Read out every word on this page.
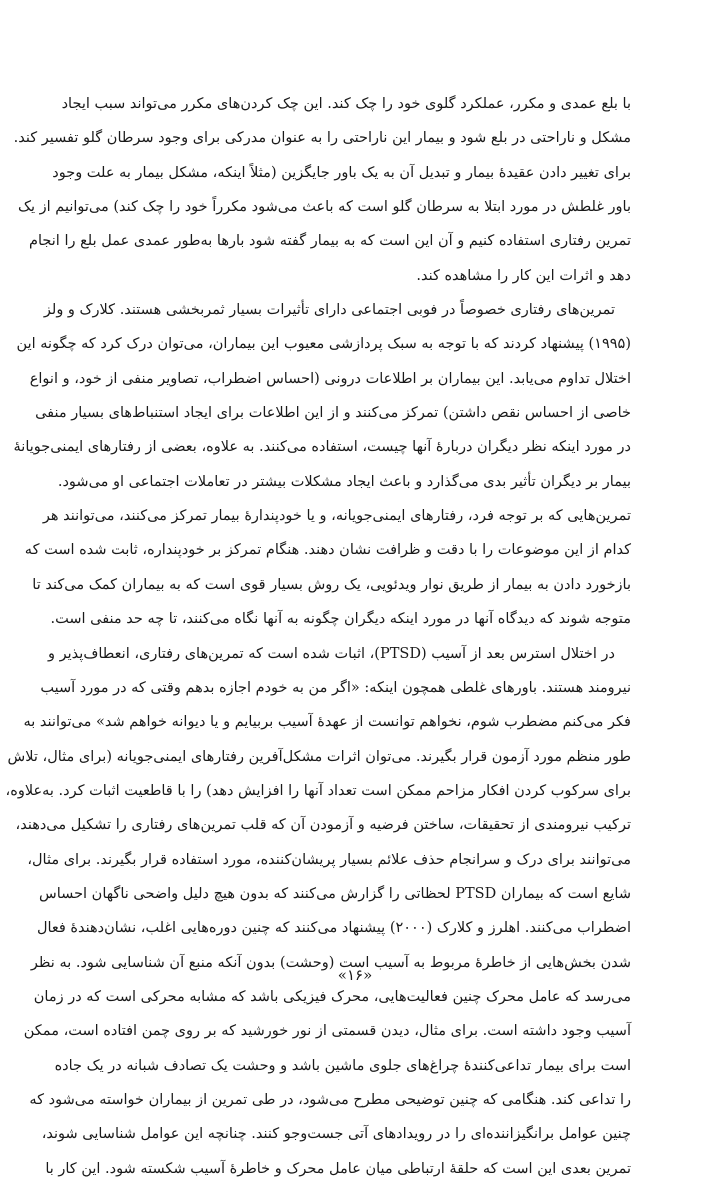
با بلع عمدی و مکرر، عملکرد گلوی خود را چک کند. این چک کردن‌های مکرر می‌تواند سبب ایجاد
مشکل و ناراحتی در بلع شود و بیمار این ناراحتی را به عنوان مدرکی برای وجود سرطان گلو تفسیر کند.
برای تغییر دادن عقیدهٔ بیمار و تبدیل آن به یک باور جایگزین (مثلاً اینکه، مشکل بیمار به علت وجود
باور غلطش در مورد ابتلا به سرطان گلو است که باعث می‌شود مکرراً خود را چک کند) می‌توانیم از یک
تمرین رفتاری استفاده کنیم و آن این است که به بیمار گفته شود بارها به‌طور عمدی عمل بلع را انجام
دهد و اثرات این کار را مشاهده کند.
تمرین‌های رفتاری خصوصاً در فوبی اجتماعی دارای تأثیرات بسیار ثمربخشی هستند. کلارک و ولز
(۱۹۹۵) پیشنهاد کردند که با توجه به سبک پردازشی معیوب این بیماران، می‌توان درک کرد که چگونه این
اختلال تداوم می‌یابد. این بیماران بر اطلاعات درونی (احساس اضطراب، تصاویر منفی از خود، و انواع
خاصی از احساس نقص داشتن) تمرکز می‌کنند و از این اطلاعات برای ایجاد استنباط‌های بسیار منفی
در مورد اینکه نظر دیگران دربارهٔ آنها چیست، استفاده می‌کنند. به علاوه، بعضی از رفتارهای ایمنی‌جویانهٔ
بیمار بر دیگران تأثیر بدی می‌گذارد و باعث ایجاد مشکلات بیشتر در تعاملات اجتماعی او می‌شود.
تمرین‌هایی که بر توجه فرد، رفتارهای ایمنی‌جویانه، و یا خودپندارهٔ بیمار تمرکز می‌کنند، می‌توانند هر
کدام از این موضوعات را با دقت و ظرافت نشان دهند. هنگام تمرکز بر خودپنداره، ثابت شده است که
بازخورد دادن به بیمار از طریق نوار ویدئویی، یک روش بسیار قوی است که به بیماران کمک می‌کند تا
متوجه شوند که دیدگاه آنها در مورد اینکه دیگران چگونه به آنها نگاه می‌کنند، تا چه حد منفی است.
در اختلال استرس بعد از آسیب (PTSD)، اثبات شده است که تمرین‌های رفتاری، انعطاف‌پذیر و
نیرومند هستند. باورهای غلطی همچون اینکه: «اگر من به خودم اجازه بدهم وقتی که در مورد آسیب
فکر می‌کنم مضطرب شوم، نخواهم توانست از عهدهٔ آسیب بربیایم و یا دیوانه خواهم شد» می‌توانند به
طور منظم مورد آزمون قرار بگیرند. می‌توان اثرات مشکل‌آفرین رفتارهای ایمنی‌جویانه (برای مثال، تلاش
برای سرکوب کردن افکار مزاحم ممکن است تعداد آنها را افزایش دهد) را با قاطعیت اثبات کرد. به‌علاوه،
ترکیب نیرومندی از تحقیقات، ساختن فرضیه و آزمودن آن که قلب تمرین‌های رفتاری را تشکیل می‌دهند،
می‌توانند برای درک و سرانجام حذف علائم بسیار پریشان‌کننده، مورد استفاده قرار بگیرند. برای مثال،
شایع است که بیماران PTSD لحظاتی را گزارش می‌کنند که بدون هیچ دلیل واضحی ناگهان احساس
اضطراب می‌کنند. اهلرز و کلارک (۲۰۰۰) پیشنهاد می‌کنند که چنین دوره‌هایی اغلب، نشان‌دهندهٔ فعال
شدن بخش‌هایی از خاطرهٔ مربوط به آسیب است (وحشت) بدون آنکه منبع آن شناسایی شود. به نظر
می‌رسد که عامل محرک چنین فعالیت‌هایی، محرک فیزیکی باشد که مشابه محرکی است که در زمان
آسیب وجود داشته است. برای مثال، دیدن قسمتی از نور خورشید که بر روی چمن افتاده است، ممکن
است برای بیمار تداعی‌کنندهٔ چراغ‌های جلوی ماشین باشد و وحشت یک تصادف شبانه در یک جاده
را تداعی کند. هنگامی که چنین توضیحی مطرح می‌شود، در طی تمرین از بیماران خواسته می‌شود که
چنین عوامل برانگیزاننده‌ای را در رویدادهای آتی جست‌وجو کنند. چنانچه این عوامل شناسایی شوند،
تمرین بعدی این است که حلقهٔ ارتباطی میان عامل محرک و خاطرهٔ آسیب شکسته شود. این کار با
«۱۶»
